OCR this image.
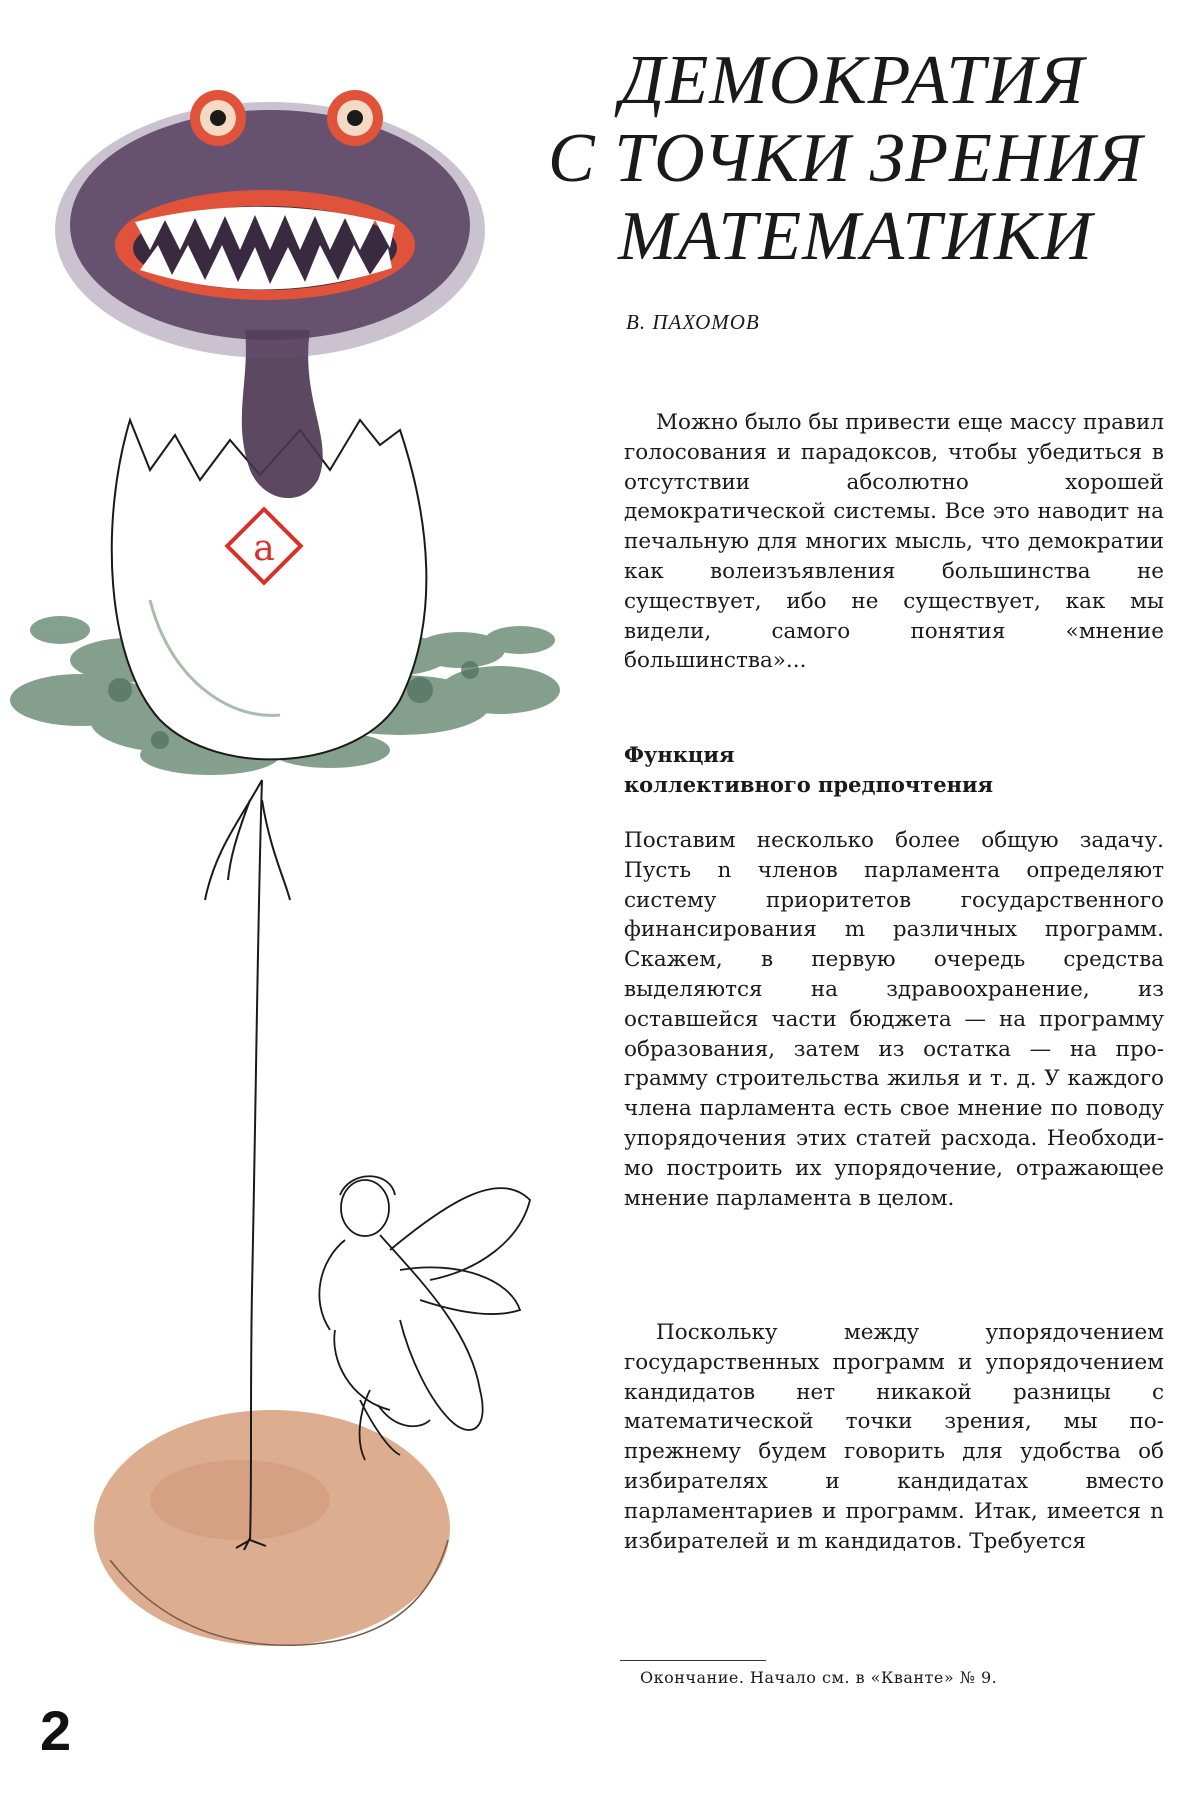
a
ДЕМОКРАТИЯ
С ТОЧКИ ЗРЕНИЯ
МАТЕМАТИКИ
В. ПАХОМОВ

Можно было бы привести еще массу правил голосования и парадоксов, чтобы убедиться в отсутствии абсолютно хорошей демократической системы. Все это наводит на печальную для многих мысль, что демократии как волеизъявления большинства не существует, ибо не существует, как мы видели, самого понятия «мнение большинства»...

Функция
коллективного предпочтения

Поставим несколько более общую задачу. Пусть n членов парламента определяют систему приоритетов государственного финансирования m различных программ. Скажем, в первую очередь средства выделяются на здравоохранение, из оставшейся части бюджета — на программу образования, затем из остатка — на программу строительства жилья и т. д. У каждого члена парламента есть свое мнение по поводу упорядочения этих статей расхода. Необходимо построить их упорядочение, отражающее мнение парламента в целом.

Поскольку между упорядочением государственных программ и упорядочением кандидатов нет никакой разницы с математической точки зрения, мы по-прежнему будем говорить для удобства об избирателях и кандидатах вместо парламентариев и программ. Итак, имеется n избирателей и m кандидатов. Требуется

Окончание. Начало см. в «Кванте» № 9.
2
